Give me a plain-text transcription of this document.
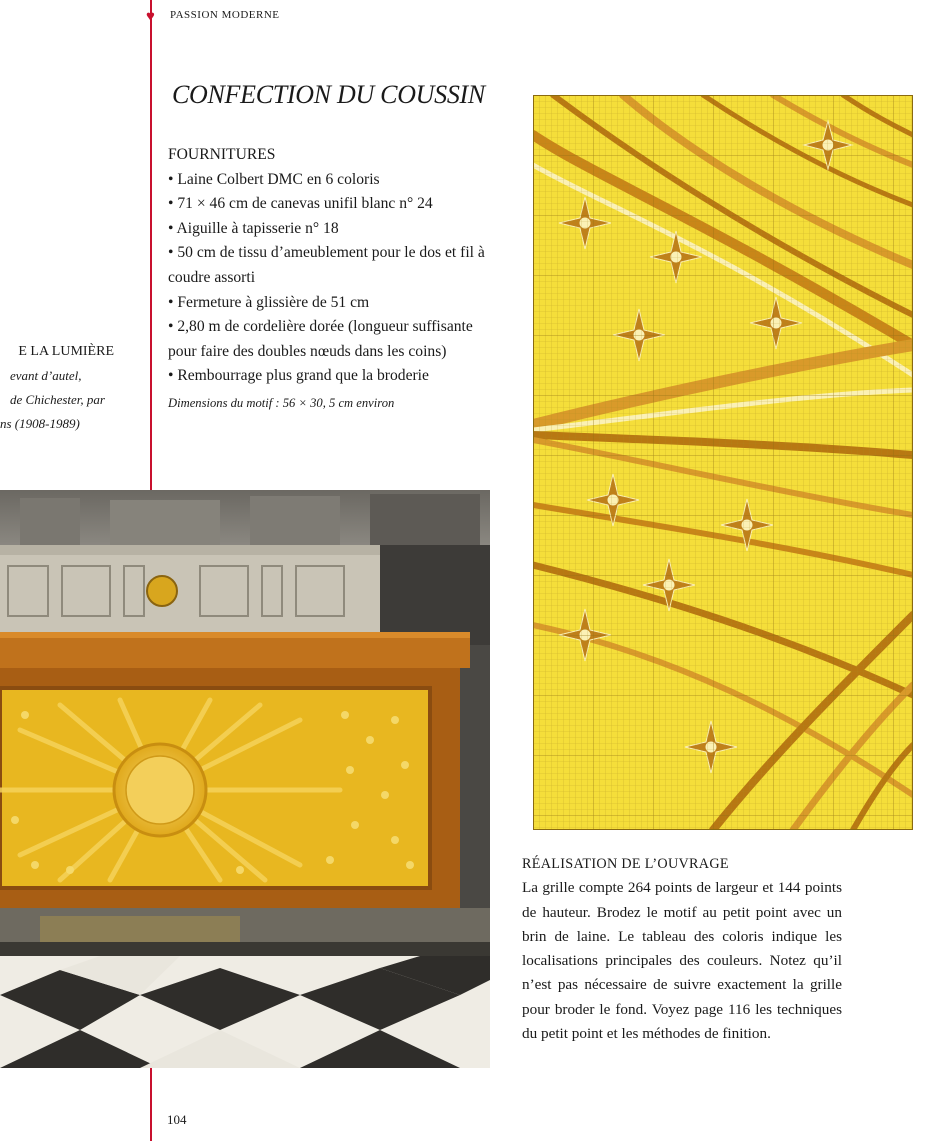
♥ PASSION MODERNE
CONFECTION DU COUSSIN
FOURNITURES
• Laine Colbert DMC en 6 coloris
• 71 × 46 cm de canevas unifil blanc n° 24
• Aiguille à tapisserie n° 18
• 50 cm de tissu d’ameublement pour le dos et fil à coudre assorti
• Fermeture à glissière de 51 cm
• 2,80 m de cordelière dorée (longueur suffisante pour faire des doubles nœuds dans les coins)
• Rembourrage plus grand que la broderie
Dimensions du motif : 56 × 30, 5 cm environ
E LA LUMIÈRE
evant d’autel,
de Chichester, par
ns (1908-1989)
RÉALISATION DE L’OUVRAGE

La grille compte 264 points de largeur et 144 points de hauteur. Brodez le motif au petit point avec un brin de laine. Le tableau des coloris indique les localisations principales des couleurs. Notez qu’il n’est pas nécessaire de suivre exactement la grille pour broder le fond. Voyez page 116 les techniques du petit point et les méthodes de finition.

104
